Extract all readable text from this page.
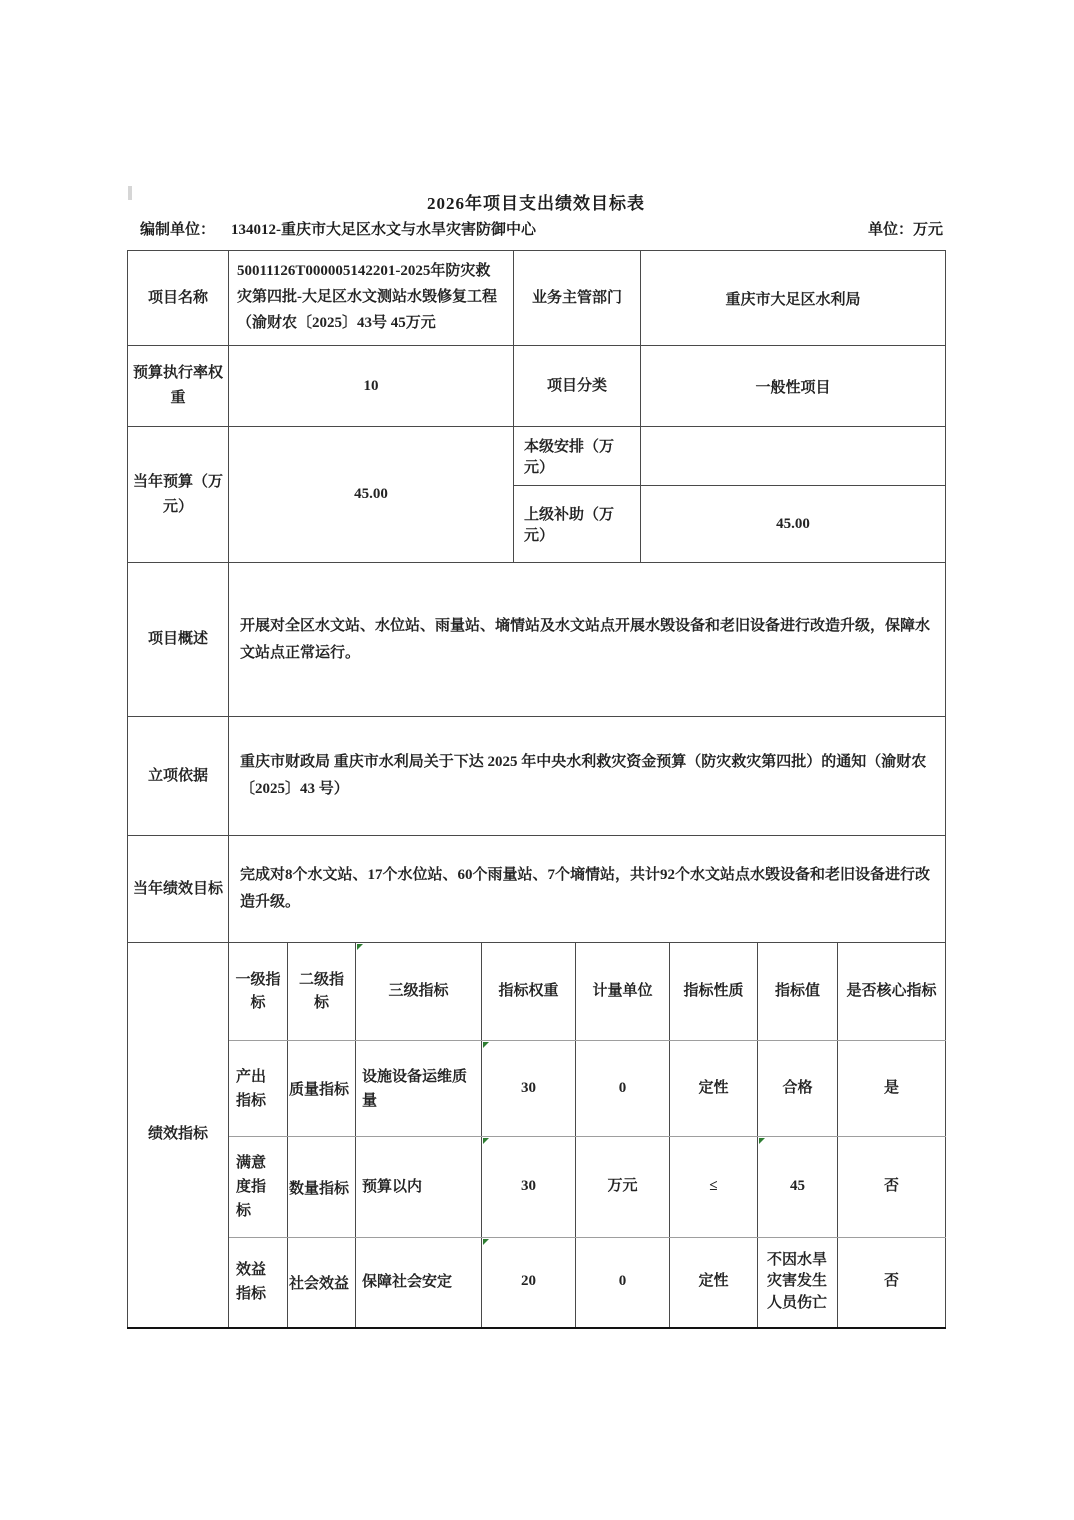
2026年项目支出绩效目标表
编制单位： 134012-重庆市大足区水文与水旱灾害防御中心	单位：万元
项目名称	50011126T000005142201-2025年防灾救灾第四批-大足区水文测站水毁修复工程（渝财农〔2025〕43号 45万元	业务主管部门	重庆市大足区水利局
预算执行率权重	10	项目分类	一般性项目
当年预算（万元）	45.00	本级安排（万元）	
		上级补助（万元）	45.00
项目概述	开展对全区水文站、水位站、雨量站、墒情站及水文站点开展水毁设备和老旧设备进行改造升级，保障水文站点正常运行。		
立项依据	重庆市财政局 重庆市水利局关于下达 2025 年中央水利救灾资金预算（防灾救灾第四批）的通知（渝财农〔2025〕43 号）		
当年绩效目标	完成对8个水文站、17个水位站、60个雨量站、7个墒情站，共计92个水文站点水毁设备和老旧设备进行改造升级。		
绩效指标	一级指标	二级指标	三级指标	指标权重	计量单位	指标性质	指标值	是否核心指标
	产出指标	质量指标	设施设备运维质量	30	0	定性	合格	是
	满意度指标	数量指标	预算以内	30	万元	≤	45	否
	效益指标	社会效益	保障社会安定	20	0	定性	不因水旱灾害发生人员伤亡	否
